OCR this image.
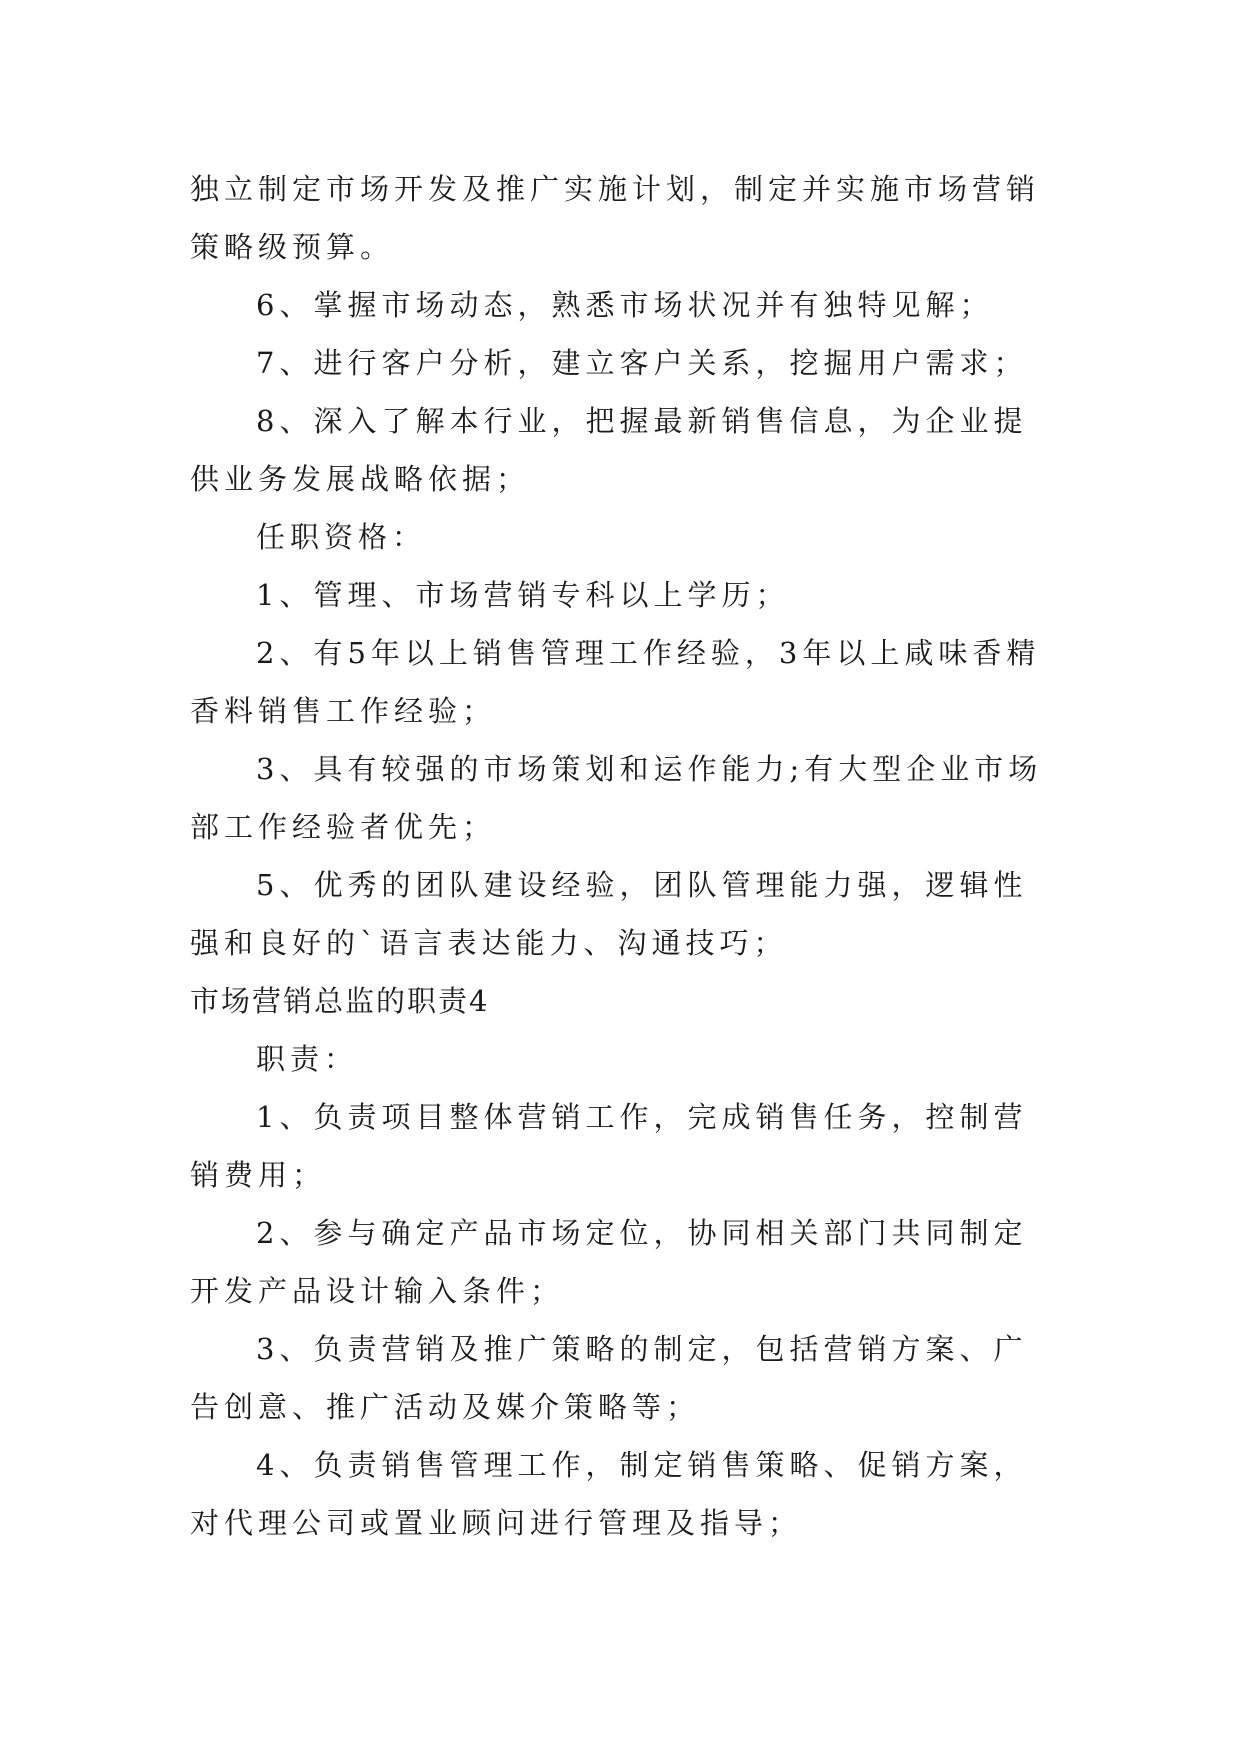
独立制定市场开发及推广实施计划，制定并实施市场营销策略级预算。

6、掌握市场动态，熟悉市场状况并有独特见解；

7、进行客户分析，建立客户关系，挖掘用户需求；

8、深入了解本行业，把握最新销售信息，为企业提供业务发展战略依据；

任职资格：

1、管理、市场营销专科以上学历；

2、有5年以上销售管理工作经验，3年以上咸味香精香料销售工作经验；

3、具有较强的市场策划和运作能力;有大型企业市场部工作经验者优先；

5、优秀的团队建设经验，团队管理能力强，逻辑性强和良好的`语言表达能力、沟通技巧；

市场营销总监的职责4

职责：

1、负责项目整体营销工作，完成销售任务，控制营销费用；

2、参与确定产品市场定位，协同相关部门共同制定开发产品设计输入条件；

3、负责营销及推广策略的制定，包括营销方案、广告创意、推广活动及媒介策略等；

4、负责销售管理工作，制定销售策略、促销方案，对代理公司或置业顾问进行管理及指导；
